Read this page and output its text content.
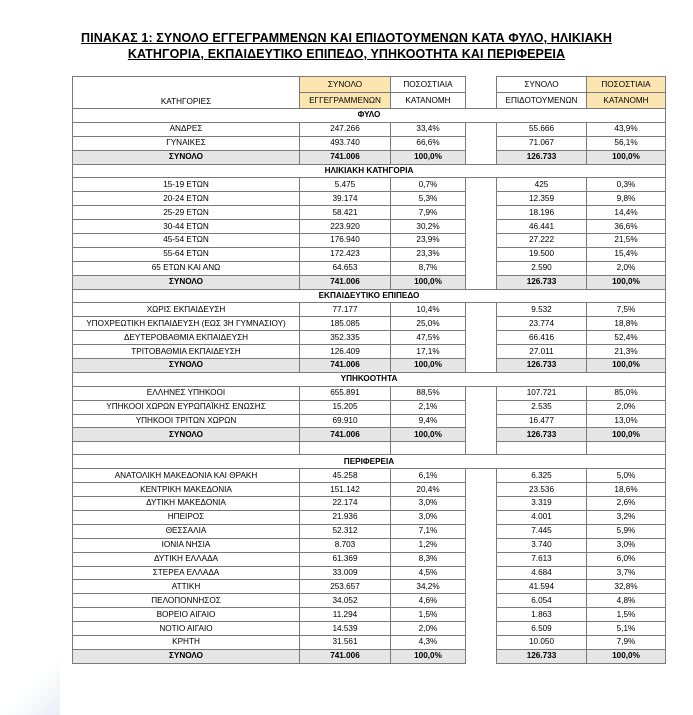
ΠΙΝΑΚΑΣ 1: ΣΥΝΟΛΟ ΕΓΓΕΓΡΑΜΜΕΝΩΝ ΚΑΙ ΕΠΙΔΟΤΟΥΜΕΝΩΝ ΚΑΤΑ ΦΥΛΟ, ΗΛΙΚΙΑΚΗ
ΚΑΤΗΓΟΡΙΑ, ΕΚΠΑΙΔΕΥΤΙΚΟ ΕΠΙΠΕΔΟ, ΥΠΗΚΟΟΤΗΤΑ ΚΑΙ ΠΕΡΙΦΕΡΕΙΑ
ΚΑΤΗΓΟΡΙΕΣ	ΣΥΝΟΛΟ	ΠΟΣΟΣΤΙΑΙΑ		ΣΥΝΟΛΟ	ΠΟΣΟΣΤΙΑΙΑ
	ΕΓΓΕΓΡΑΜΜΕΝΩΝ	ΚΑΤΑΝΟΜΗ		ΕΠΙΔΟΤΟΥΜΕΝΩΝ	ΚΑΤΑΝΟΜΗ
ΦΥΛΟ					
ΑΝΔΡΕΣ	247.266	33,4%		55.666	43,9%
ΓΥΝΑΙΚΕΣ	493.740	66,6%		71.067	56,1%
ΣΥΝΟΛΟ	741.006	100,0%		126.733	100,0%
ΗΛΙΚΙΑΚΗ ΚΑΤΗΓΟΡΙΑ					
15-19 ΕΤΩΝ	5.475	0,7%		425	0,3%
20-24 ΕΤΩΝ	39.174	5,3%		12.359	9,8%
25-29 ΕΤΩΝ	58.421	7,9%		18.196	14,4%
30-44 ΕΤΩΝ	223.920	30,2%		46.441	36,6%
45-54 ΕΤΩΝ	176.940	23,9%		27.222	21,5%
55-64 ΕΤΩΝ	172.423	23,3%		19.500	15,4%
65 ΕΤΩΝ ΚΑΙ ΑΝΩ	64.653	8,7%		2.590	2,0%
ΣΥΝΟΛΟ	741.006	100,0%		126.733	100,0%
ΕΚΠΑΙΔΕΥΤΙΚΟ ΕΠΙΠΕΔΟ					
ΧΩΡΙΣ ΕΚΠΑΙΔΕΥΣΗ	77.177	10,4%		9.532	7,5%
ΥΠΟΧΡΕΩΤΙΚΗ ΕΚΠΑΙΔΕΥΣΗ (ΕΩΣ 3Η ΓΥΜΝΑΣΙΟΥ)	185.085	25,0%		23.774	18,8%
ΔΕΥΤΕΡΟΒΑΘΜΙΑ ΕΚΠΑΙΔΕΥΣΗ	352.335	47,5%		66.416	52,4%
ΤΡΙΤΟΒΑΘΜΙΑ ΕΚΠΑΙΔΕΥΣΗ	126.409	17,1%		27.011	21,3%
ΣΥΝΟΛΟ	741.006	100,0%		126.733	100,0%
ΥΠΗΚΟΟΤΗΤΑ					
ΕΛΛΗΝΕΣ ΥΠΗΚΟΟΙ	655.891	88,5%		107.721	85,0%
ΥΠΗΚΟΟΙ ΧΩΡΩΝ ΕΥΡΩΠΑΪΚΗΣ ΕΝΩΣΗΣ	15.205	2,1%		2.535	2,0%
ΥΠΗΚΟΟΙ ΤΡΙΤΩΝ ΧΩΡΩΝ	69.910	9,4%		16.477	13,0%
ΣΥΝΟΛΟ	741.006	100,0%		126.733	100,0%

ΠΕΡΙΦΕΡΕΙΑ					
ΑΝΑΤΟΛΙΚΗ ΜΑΚΕΔΟΝΙΑ ΚΑΙ ΘΡΑΚΗ	45.258	6,1%		6.325	5,0%
ΚΕΝΤΡΙΚΗ ΜΑΚΕΔΟΝΙΑ	151.142	20,4%		23.536	18,6%
ΔΥΤΙΚΗ ΜΑΚΕΔΟΝΙΑ	22.174	3,0%		3.319	2,6%
ΗΠΕΙΡΟΣ	21.936	3,0%		4.001	3,2%
ΘΕΣΣΑΛΙΑ	52.312	7,1%		7.445	5,9%
ΙΟΝΙΑ ΝΗΣΙΑ	8.703	1,2%		3.740	3,0%
ΔΥΤΙΚΗ ΕΛΛΑΔΑ	61.369	8,3%		7.613	6,0%
ΣΤΕΡΕΑ ΕΛΛΑΔΑ	33.009	4,5%		4.684	3,7%
ΑΤΤΙΚΗ	253.657	34,2%		41.594	32,8%
ΠΕΛΟΠΟΝΝΗΣΟΣ	34.052	4,6%		6.054	4,8%
ΒΟΡΕΙΟ ΑΙΓΑΙΟ	11.294	1,5%		1.863	1,5%
ΝΟΤΙΟ ΑΙΓΑΙΟ	14.539	2,0%		6.509	5,1%
ΚΡΗΤΗ	31.561	4,3%		10.050	7,9%
ΣΥΝΟΛΟ	741.006	100,0%		126.733	100,0%
